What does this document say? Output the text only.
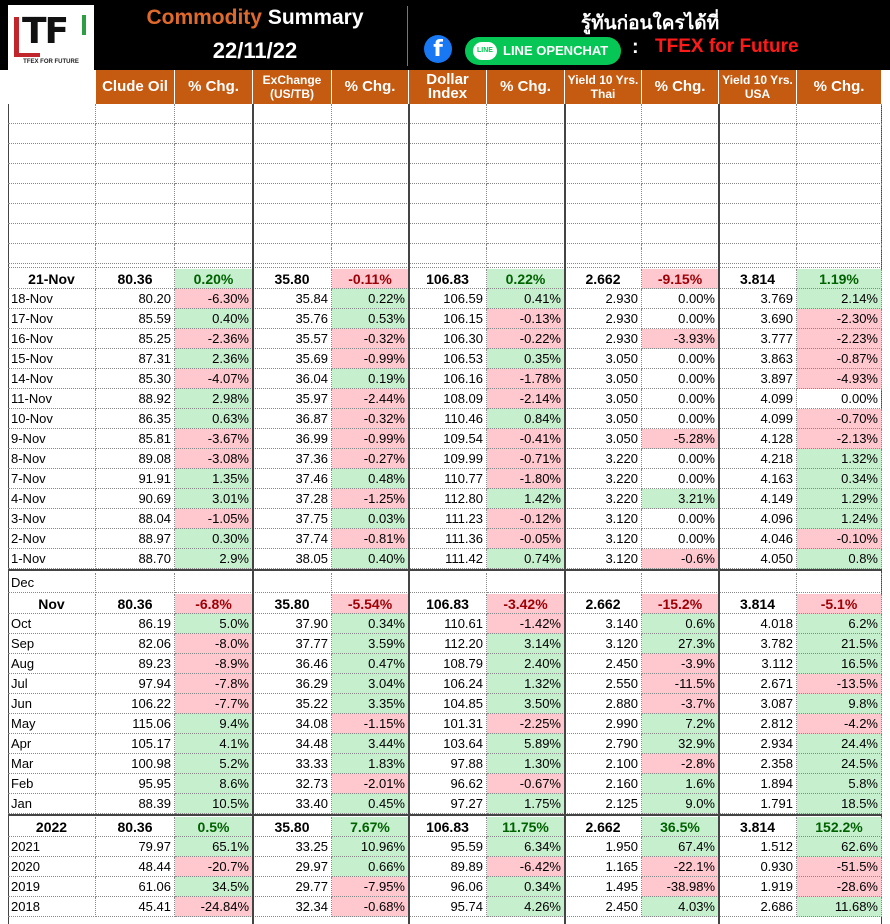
TF
TFEX FOR FUTURE
Commodity Summary
22/11/22
รู้ทันก่อนใครได้ที่
f	LINE LINE OPENCHAT : TFEX for Future
Clude Oil	% Chg.	ExChange (US/TB)	% Chg.	Dollar Index	% Chg.	Yield 10 Yrs. Thai	% Chg.	Yield 10 Yrs. USA	% Chg.
21-Nov	80.36	0.20%	35.80	-0.11%	106.83	0.22%	2.662	-9.15%	3.814	1.19%
18-Nov	80.20	-6.30%	35.84	0.22%	106.59	0.41%	2.930	0.00%	3.769	2.14%
17-Nov	85.59	0.40%	35.76	0.53%	106.15	-0.13%	2.930	0.00%	3.690	-2.30%
16-Nov	85.25	-2.36%	35.57	-0.32%	106.30	-0.22%	2.930	-3.93%	3.777	-2.23%
15-Nov	87.31	2.36%	35.69	-0.99%	106.53	0.35%	3.050	0.00%	3.863	-0.87%
14-Nov	85.30	-4.07%	36.04	0.19%	106.16	-1.78%	3.050	0.00%	3.897	-4.93%
11-Nov	88.92	2.98%	35.97	-2.44%	108.09	-2.14%	3.050	0.00%	4.099	0.00%
10-Nov	86.35	0.63%	36.87	-0.32%	110.46	0.84%	3.050	0.00%	4.099	-0.70%
9-Nov	85.81	-3.67%	36.99	-0.99%	109.54	-0.41%	3.050	-5.28%	4.128	-2.13%
8-Nov	89.08	-3.08%	37.36	-0.27%	109.99	-0.71%	3.220	0.00%	4.218	1.32%
7-Nov	91.91	1.35%	37.46	0.48%	110.77	-1.80%	3.220	0.00%	4.163	0.34%
4-Nov	90.69	3.01%	37.28	-1.25%	112.80	1.42%	3.220	3.21%	4.149	1.29%
3-Nov	88.04	-1.05%	37.75	0.03%	111.23	-0.12%	3.120	0.00%	4.096	1.24%
2-Nov	88.97	0.30%	37.74	-0.81%	111.36	-0.05%	3.120	0.00%	4.046	-0.10%
1-Nov	88.70	2.9%	38.05	0.40%	111.42	0.74%	3.120	-0.6%	4.050	0.8%
Dec
Nov	80.36	-6.8%	35.80	-5.54%	106.83	-3.42%	2.662	-15.2%	3.814	-5.1%
Oct	86.19	5.0%	37.90	0.34%	110.61	-1.42%	3.140	0.6%	4.018	6.2%
Sep	82.06	-8.0%	37.77	3.59%	112.20	3.14%	3.120	27.3%	3.782	21.5%
Aug	89.23	-8.9%	36.46	0.47%	108.79	2.40%	2.450	-3.9%	3.112	16.5%
Jul	97.94	-7.8%	36.29	3.04%	106.24	1.32%	2.550	-11.5%	2.671	-13.5%
Jun	106.22	-7.7%	35.22	3.35%	104.85	3.50%	2.880	-3.7%	3.087	9.8%
May	115.06	9.4%	34.08	-1.15%	101.31	-2.25%	2.990	7.2%	2.812	-4.2%
Apr	105.17	4.1%	34.48	3.44%	103.64	5.89%	2.790	32.9%	2.934	24.4%
Mar	100.98	5.2%	33.33	1.83%	97.88	1.30%	2.100	-2.8%	2.358	24.5%
Feb	95.95	8.6%	32.73	-2.01%	96.62	-0.67%	2.160	1.6%	1.894	5.8%
Jan	88.39	10.5%	33.40	0.45%	97.27	1.75%	2.125	9.0%	1.791	18.5%
2022	80.36	0.5%	35.80	7.67%	106.83	11.75%	2.662	36.5%	3.814	152.2%
2021	79.97	65.1%	33.25	10.96%	95.59	6.34%	1.950	67.4%	1.512	62.6%
2020	48.44	-20.7%	29.97	0.66%	89.89	-6.42%	1.165	-22.1%	0.930	-51.5%
2019	61.06	34.5%	29.77	-7.95%	96.06	0.34%	1.495	-38.98%	1.919	-28.6%
2018	45.41	-24.84%	32.34	-0.68%	95.74	4.26%	2.450	4.03%	2.686	11.68%
